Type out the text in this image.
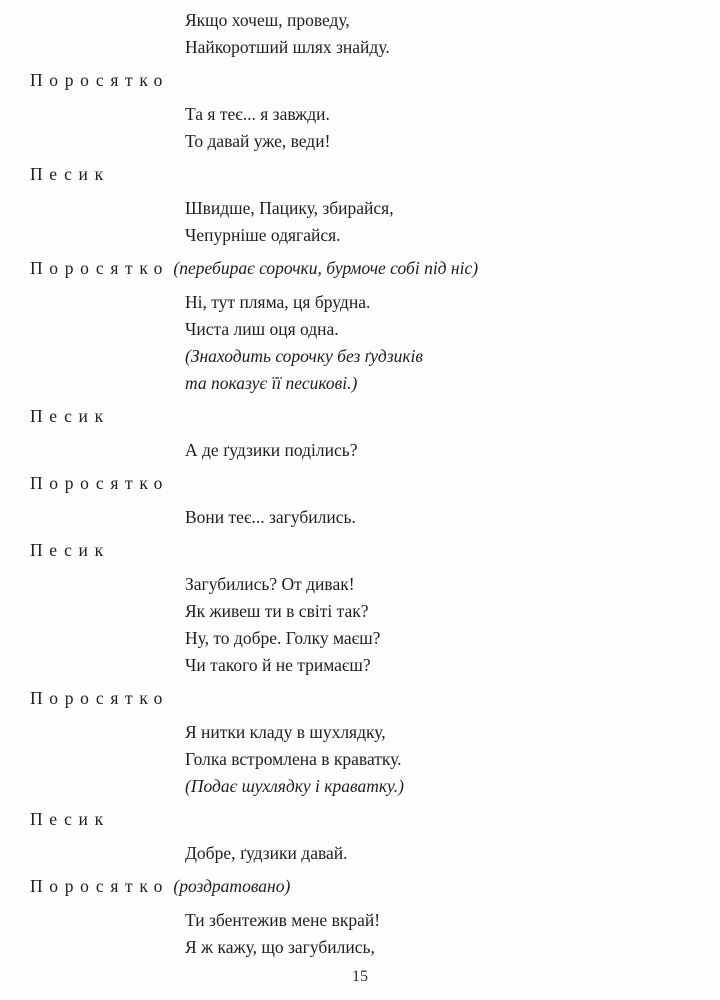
Якщо хочеш, проведу,
Найкоротший шлях знайду.
Поросятко
Та я теє... я завжди.
То давай уже, веди!
Песик
Швидше, Пацику, збирайся,
Чепурніше одягайся.
Поросятко (перебирає сорочки, бурмоче собі під ніс)
Ні, тут пляма, ця брудна.
Чиста лиш оця одна.
(Знаходить сорочку без ґудзиків
та показує її песикові.)
Песик
А де ґудзики поділись?
Поросятко
Вони теє... загубились.
Песик
Загубились? От дивак!
Як живеш ти в світі так?
Ну, то добре. Голку маєш?
Чи такого й не тримаєш?
Поросятко
Я нитки кладу в шухлядку,
Голка встромлена в краватку.
(Подає шухлядку і краватку.)
Песик
Добре, ґудзики давай.
Поросятко (роздратовано)
Ти збентежив мене вкрай!
Я ж кажу, що загубились,
15
